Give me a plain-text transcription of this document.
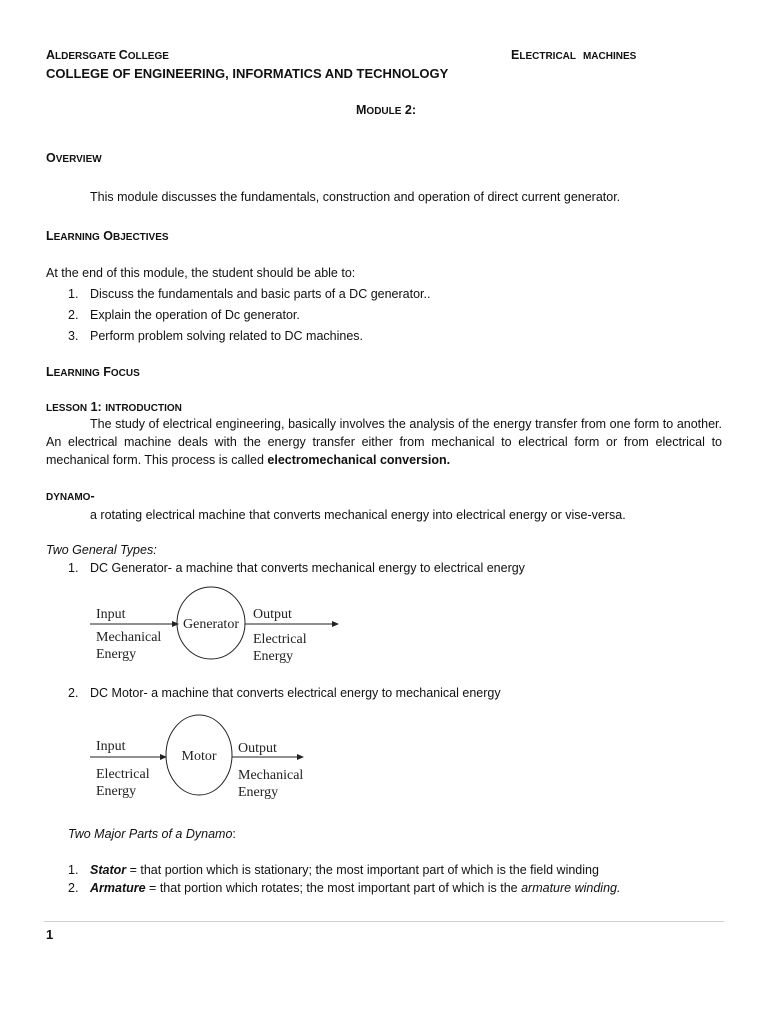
ALDERSGATE COLLEGE	ELECTRICAL MACHINES
COLLEGE OF ENGINEERING, INFORMATICS AND TECHNOLOGY
MODULE 2:
OVERVIEW
This module discusses the fundamentals, construction and operation of direct current generator.
LEARNING OBJECTIVES
At the end of this module, the student should be able to:
1. Discuss the fundamentals and basic parts of a DC generator..
2. Explain the operation of Dc generator.
3. Perform problem solving related to DC machines.
LEARNING FOCUS
LESSON 1: INTRODUCTION

The study of electrical engineering, basically involves the analysis of the energy transfer from one form to another. An electrical machine deals with the energy transfer either from mechanical to electrical form or from electrical to mechanical form. This process is called electromechanical conversion.

DYNAMO-
a rotating electrical machine that converts mechanical energy into electrical energy or vise-versa.
Two General Types:
1. DC Generator- a machine that converts mechanical energy to electrical energy
Input
Mechanical
Energy
Generator
Output
Electrical
Energy
2. DC Motor- a machine that converts electrical energy to mechanical energy
Input
Electrical
Energy
Motor
Output
Mechanical
Energy
Two Major Parts of a Dynamo:
1. Stator = that portion which is stationary; the most important part of which is the field winding
2. Armature = that portion which rotates; the most important part of which is the armature winding.
1
